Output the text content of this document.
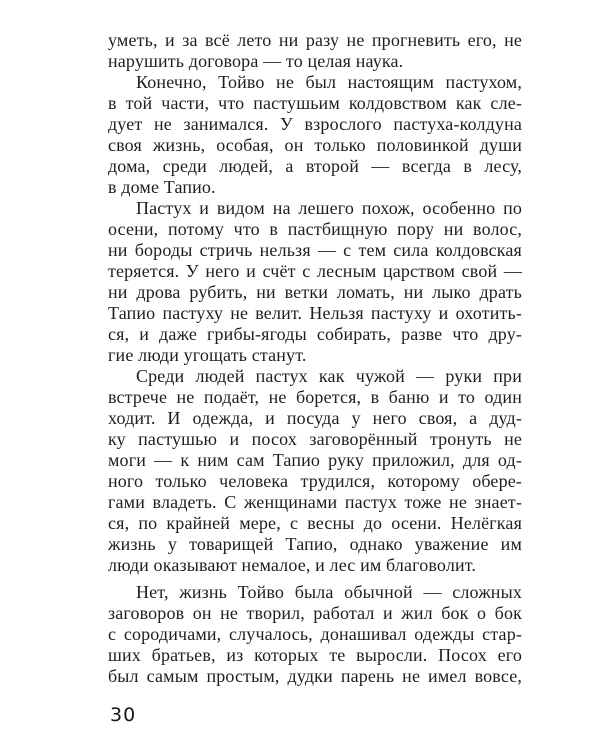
уметь, и за всё лето ни разу не прогневить его, не
нарушить договора — то целая наука.
Конечно, Тойво не был настоящим пастухом,
в той части, что пастушьим колдовством как сле-
дует не занимался. У взрослого пастуха-колдуна
своя жизнь, особая, он только половинкой души
дома, среди людей, а второй — всегда в лесу,
в доме Тапио.
Пастух и видом на лешего похож, особенно по
осени, потому что в пастбищную пору ни волос,
ни бороды стричь нельзя — с тем сила колдовская
теряется. У него и счёт с лесным царством свой —
ни дрова рубить, ни ветки ломать, ни лыко драть
Тапио пастуху не велит. Нельзя пастуху и охотить-
ся, и даже грибы-ягоды собирать, разве что дру-
гие люди угощать станут.
Среди людей пастух как чужой — руки при
встрече не подаёт, не борется, в баню и то один
ходит. И одежда, и посуда у него своя, а дуд-
ку пастушью и посох заговорённый тронуть не
моги — к ним сам Тапио руку приложил, для од-
ного только человека трудился, которому обере-
гами владеть. С женщинами пастух тоже не знает-
ся, по крайней мере, с весны до осени. Нелёгкая
жизнь у товарищей Тапио, однако уважение им
люди оказывают немалое, и лес им благоволит.
Нет, жизнь Тойво была обычной — сложных
заговоров он не творил, работал и жил бок о бок
с сородичами, случалось, донашивал одежды стар-
ших братьев, из которых те выросли. Посох его
был самым простым, дудки парень не имел вовсе,
30
